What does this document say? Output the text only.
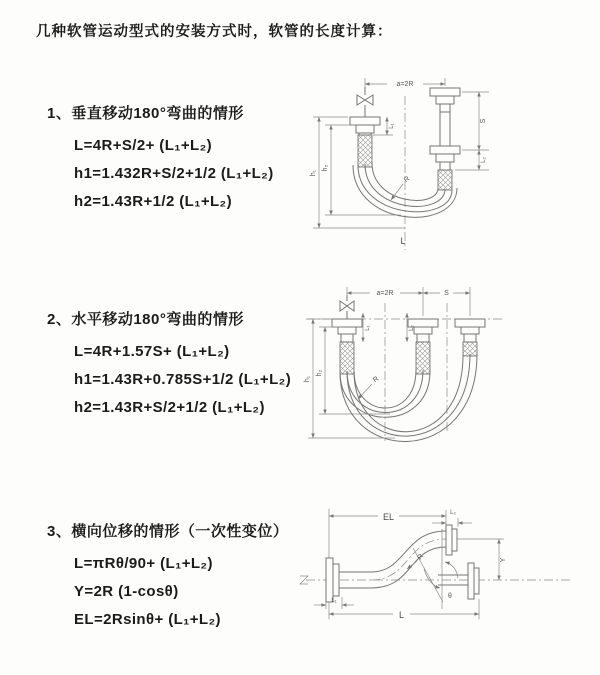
几种软管运动型式的安装方式时，软管的长度计算：
1、垂直移动180°弯曲的情形

L=4R+S/2+ (L₁+L₂)

h1=1.432R+S/2+1/2 (L₁+L₂)

h2=1.43R+1/2 (L₁+L₂)

2、水平移动180°弯曲的情形

L=4R+1.57S+ (L₁+L₂)

h1=1.43R+0.785S+1/2 (L₁+L₂)

h2=1.43R+S/2+1/2 (L₁+L₂)

3、横向位移的情形（一次性变位）

L=πRθ/90+ (L₁+L₂)

Y=2R (1-cosθ)

EL=2Rsinθ+ (L₁+L₂)

a=2R
h₁
h₂
L₁
S
L₂
R
L
a=2R	S
h₁
h₂
L₁	L₂
R
EL	L₂
Y
θ
R
L
L₁
